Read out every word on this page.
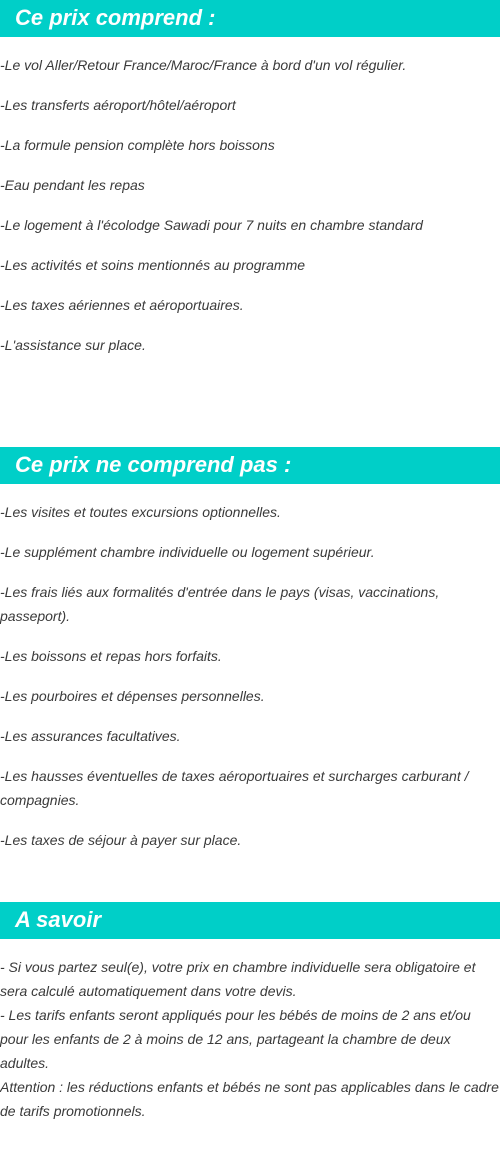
Ce prix comprend :
-Le vol Aller/Retour France/Maroc/France à bord d'un vol régulier.
-Les transferts aéroport/hôtel/aéroport
-La formule pension complète hors boissons
-Eau pendant les repas
-Le logement à l'écolodge Sawadi pour 7 nuits en chambre standard
-Les activités et soins mentionnés au programme
-Les taxes aériennes et aéroportuaires.
-L'assistance sur place.
Ce prix ne comprend pas :
-Les visites et toutes excursions optionnelles.
-Le supplément chambre individuelle ou logement supérieur.
-Les frais liés aux formalités d'entrée dans le pays (visas, vaccinations, passeport).
-Les boissons et repas hors forfaits.
-Les pourboires et dépenses personnelles.
-Les assurances facultatives.
-Les hausses éventuelles de taxes aéroportuaires et surcharges carburant / compagnies.
-Les taxes de séjour à payer sur place.
A savoir

- Si vous partez seul(e), votre prix en chambre individuelle sera obligatoire et sera calculé automatiquement dans votre devis.

- Les tarifs enfants seront appliqués pour les bébés de moins de 2 ans et/ou pour les enfants de 2 à moins de 12 ans, partageant la chambre de deux adultes.

Attention : les réductions enfants et bébés ne sont pas applicables dans le cadre de tarifs promotionnels.
